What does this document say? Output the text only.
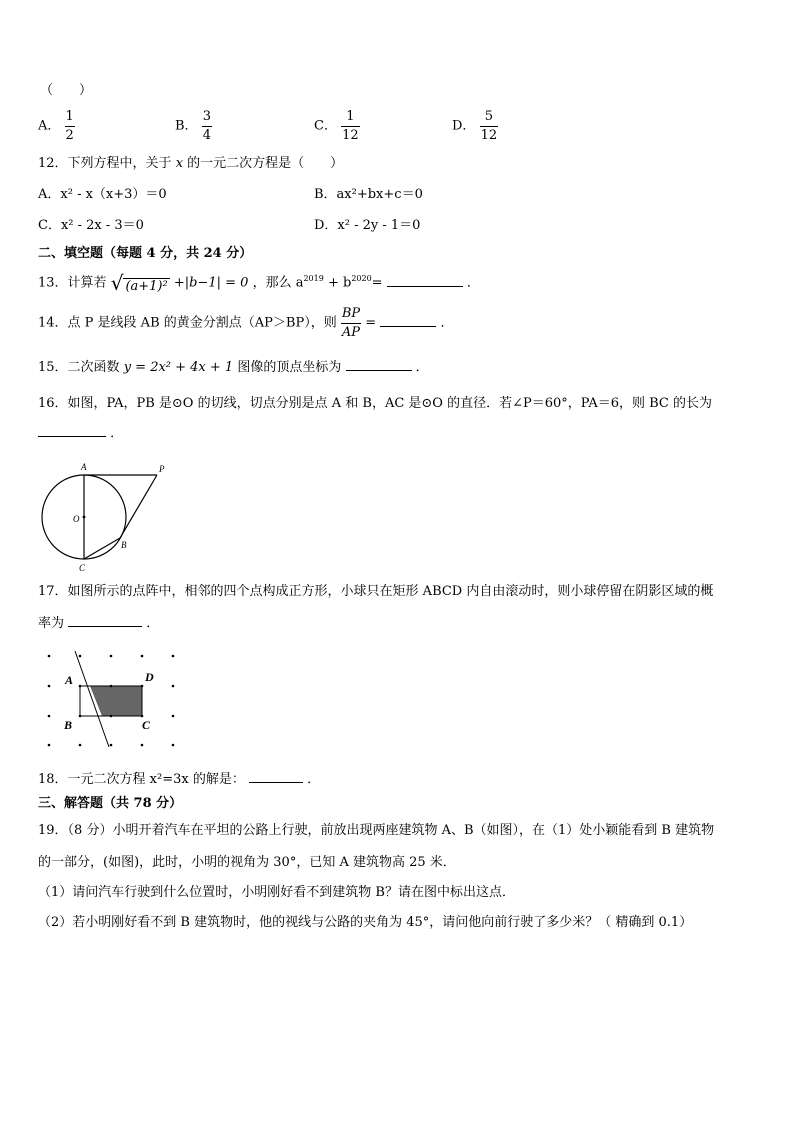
（　　）
A． $\frac{1}{2}$	B． $\frac{3}{4}$	C． $\frac{1}{12}$	D． $\frac{5}{12}$
12．下列方程中，关于 x 的一元二次方程是（　　）
A．x² - x（x+3）＝0	B．ax²+bx+c＝0
C．x² - 2x - 3＝0	D．x² - 2y - 1＝0
二、填空题（每题 4 分，共 24 分）
13．计算若 √ (a+1)² +|b−1| = 0 ，那么 $a^{2019} + b^{2020}=$	．
14．点 P 是线段 AB 的黄金分割点（AP＞BP），则 $\frac{BP}{AP}$ =	．
15．二次函数 y = 2x² + 4x + 1 图像的顶点坐标为	．
16．如图，PA，PB 是⊙O 的切线，切点分别是点 A 和 B，AC 是⊙O 的直径．若∠P＝60°，PA＝6，则 BC 的长为
．
A	P
O
B
C
17．如图所示的点阵中，相邻的四个点构成正方形，小球只在矩形 ABCD 内自由滚动时，则小球停留在阴影区域的概
率为	．
A	D
B	C
18．一元二次方程 x²=3x 的解是：	．
三、解答题（共 78 分）
19．（8 分）小明开着汽车在平坦的公路上行驶，前放出现两座建筑物 A、B（如图），在（1）处小颖能看到 B 建筑物
的一部分，(如图)，此时，小明的视角为 30°，已知 A 建筑物高 25 米．
（1）请问汽车行驶到什么位置时，小明刚好看不到建筑物 B？请在图中标出这点．
（2）若小明刚好看不到 B 建筑物时，他的视线与公路的夹角为 45°，请问他向前行驶了多少米？（ 精确到 0.1）
